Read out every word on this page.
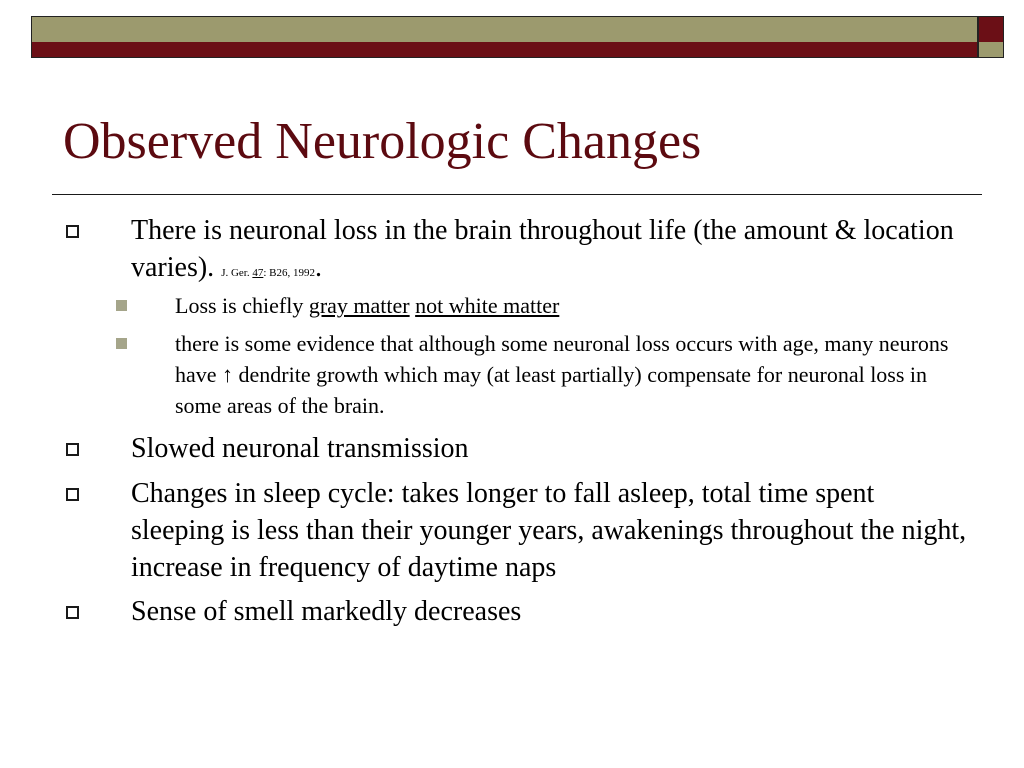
Observed Neurologic Changes
There is neuronal loss in the brain throughout life (the amount & location varies). J. Ger. 47: B26, 1992.
Loss is chiefly gray matter not white matter
there is some evidence that although some neuronal loss occurs with age, many neurons have ↑ dendrite growth which may (at least partially) compensate for neuronal loss in some areas of the brain.
Slowed neuronal transmission
Changes in sleep cycle: takes longer to fall asleep, total time spent sleeping is less than their younger years, awakenings throughout the night, increase in frequency of daytime naps
Sense of smell markedly decreases
